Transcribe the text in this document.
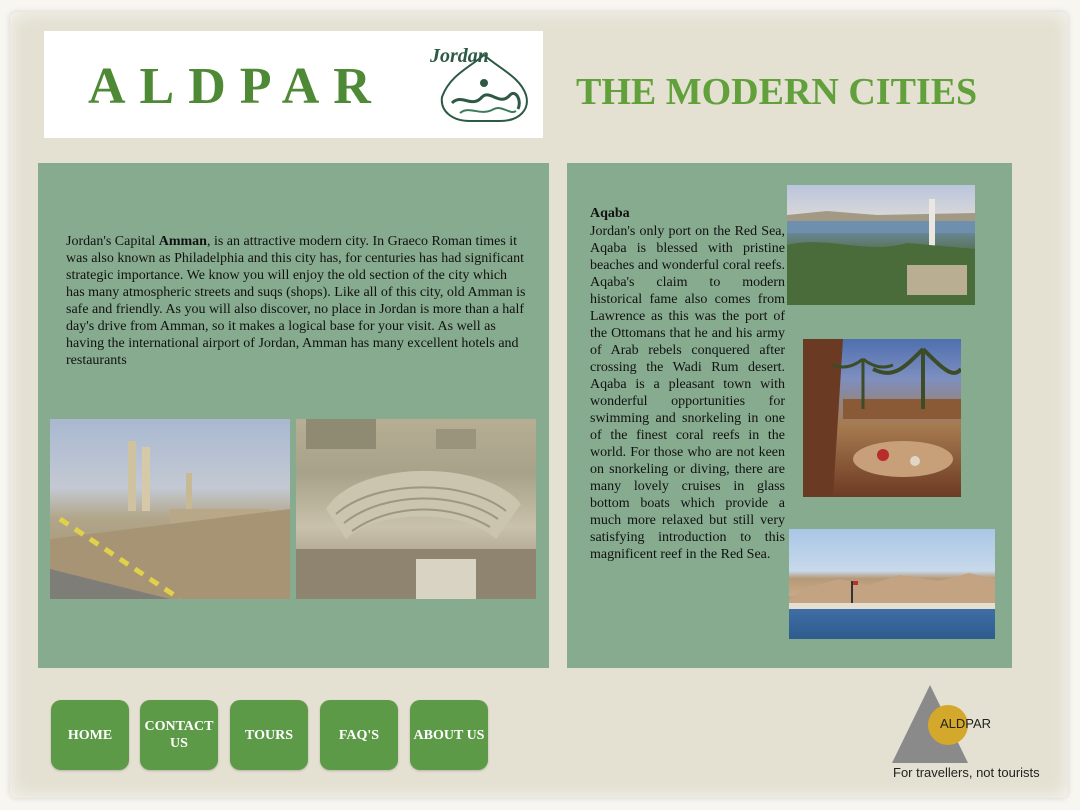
ALDPAR
Jordan
THE MODERN CITIES
Jordan's Capital Amman, is an attractive modern city. In Graeco Roman times it was also known as Philadelphia and this city has, for centuries has had significant strategic importance. We know you will enjoy the old section of the city which has many atmospheric streets and suqs (shops). Like all of this city, old Amman is safe and friendly. As you will also discover, no place in Jordan is more than a half day's drive from Amman, so it makes a logical base for your visit. As well as having the international airport of Jordan, Amman has many excellent hotels and restaurants
Aqaba
Jordan's only port on the Red Sea, Aqaba is blessed with pristine beaches and wonderful coral reefs. Aqaba's claim to modern historical fame also comes from Lawrence as this was the port of the Ottomans that he and his army of Arab rebels conquered after crossing the Wadi Rum desert. Aqaba is a pleasant town with wonderful opportunities for swimming and snorkeling in one of the finest coral reefs in the world. For those who are not keen on snorkeling or diving, there are many lovely cruises in glass bottom boats which provide a much more relaxed but still very satisfying introduction to this magnificent reef in the Red Sea.
HOME
CONTACT
US
TOURS	FAQ'S	ABOUT US
ALDPAR
For travellers, not tourists
